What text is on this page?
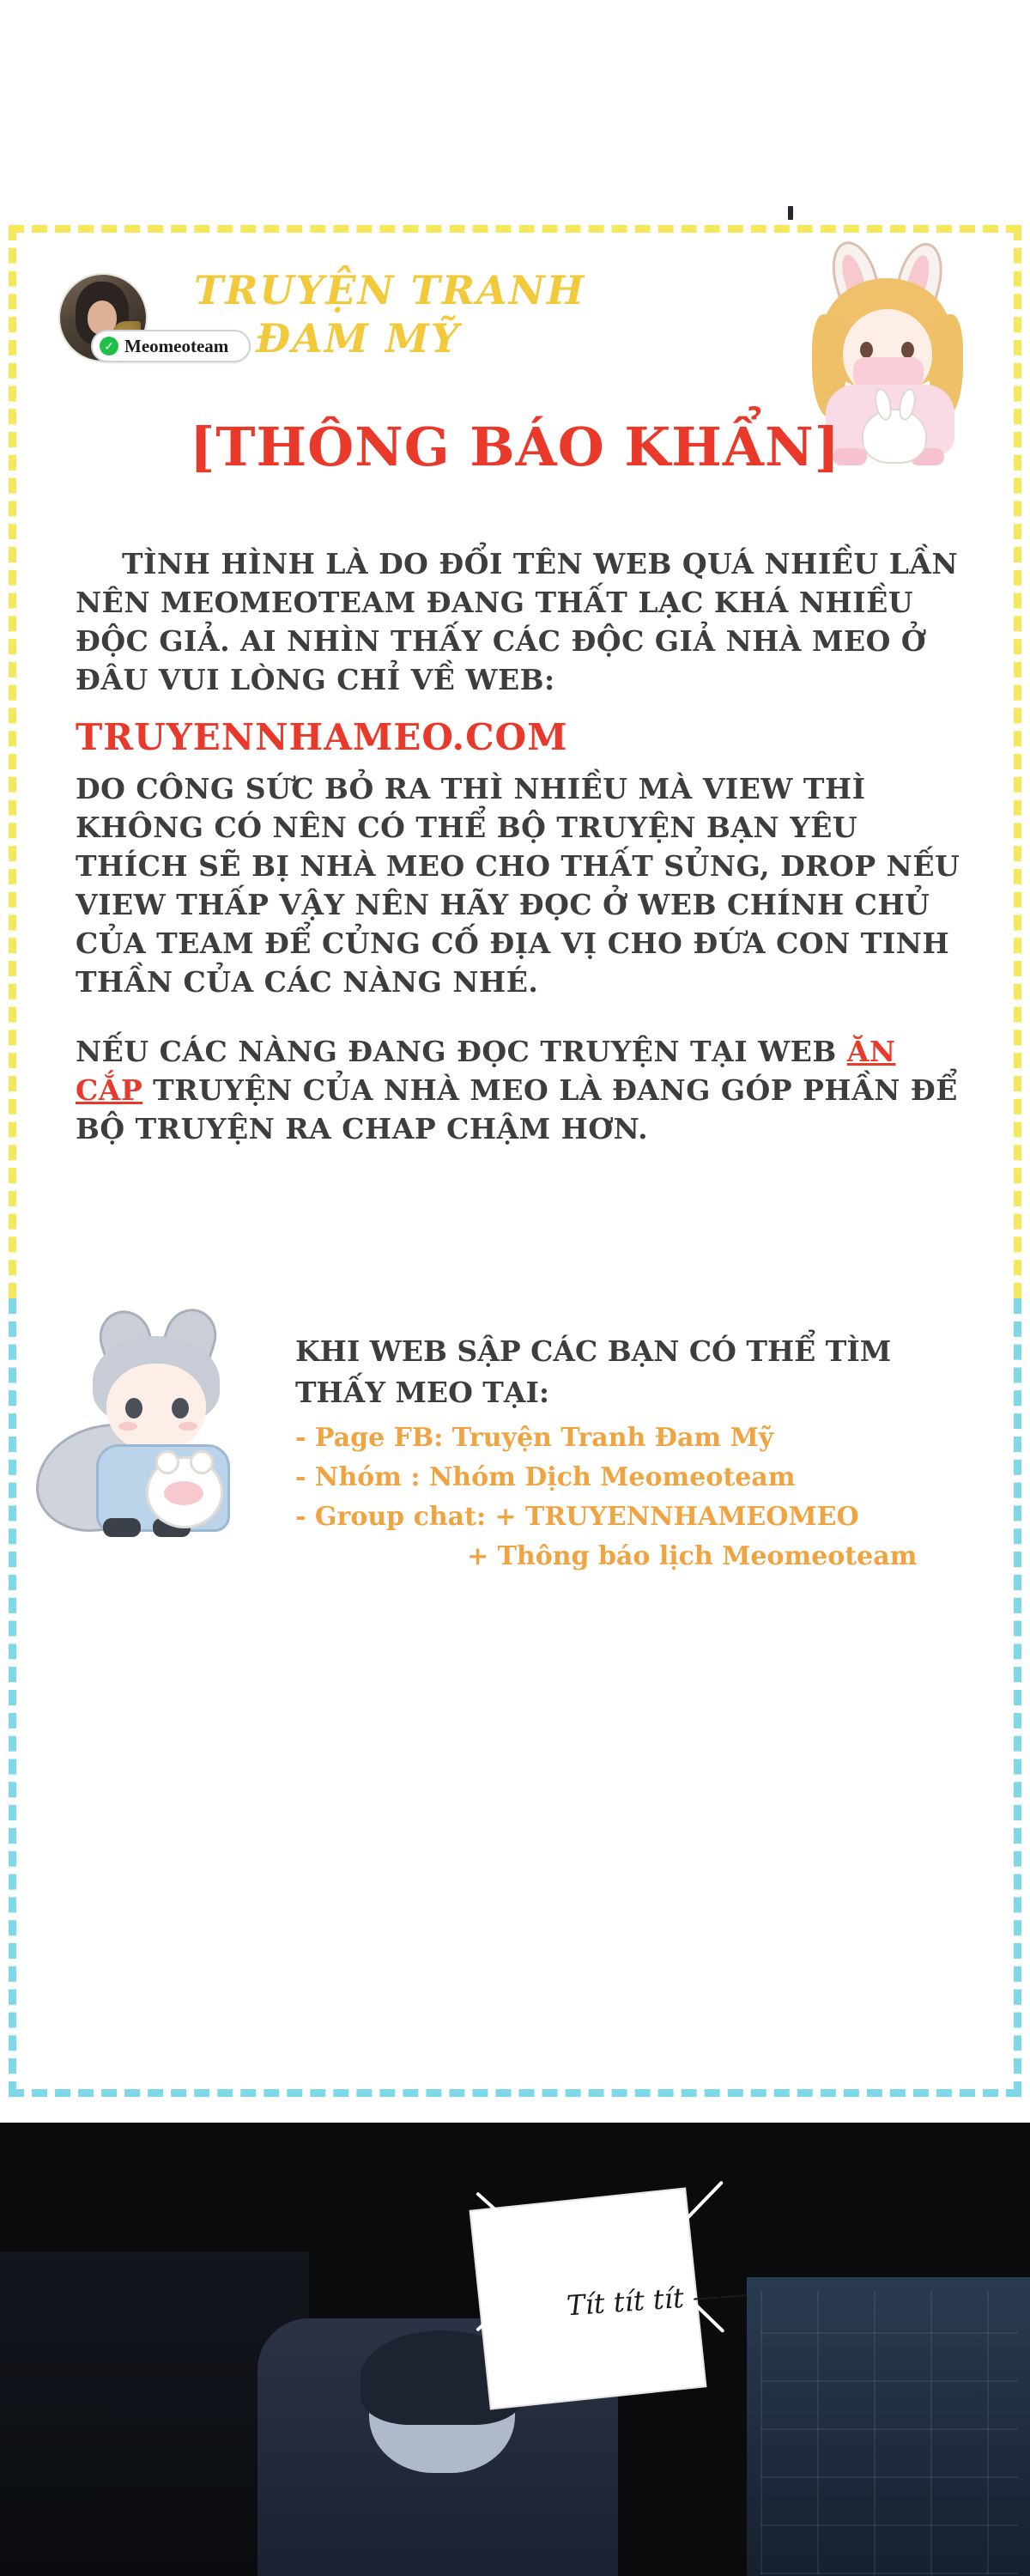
✓ Meomeoteam
TRUYỆN TRANH
ĐAM MỸ
[THÔNG BÁO KHẨN]
TÌNH HÌNH LÀ DO ĐỔI TÊN WEB QUÁ NHIỀU LẦN NÊN MEOMEOTEAM ĐANG THẤT LẠC KHÁ NHIỀU ĐỘC GIẢ. AI NHÌN THẤY CÁC ĐỘC GIẢ NHÀ MEO Ở ĐÂU VUI LÒNG CHỈ VỀ WEB:
TRUYENNHAMEO.COM
DO CÔNG SỨC BỎ RA THÌ NHIỀU MÀ VIEW THÌ KHÔNG CÓ NÊN CÓ THỂ BỘ TRUYỆN BẠN YÊU THÍCH SẼ BỊ NHÀ MEO CHO THẤT SỦNG, DROP NẾU VIEW THẤP VẬY NÊN HÃY ĐỌC Ở WEB CHÍNH CHỦ CỦA TEAM ĐỂ CỦNG CỐ ĐỊA VỊ CHO ĐỨA CON TINH THẦN CỦA CÁC NÀNG NHÉ.
NẾU CÁC NÀNG ĐANG ĐỌC TRUYỆN TẠI WEB ĂN CẮP TRUYỆN CỦA NHÀ MEO LÀ ĐANG GÓP PHẦN ĐỂ BỘ TRUYỆN RA CHAP CHẬM HƠN.
KHI WEB SẬP CÁC BẠN CÓ THỂ TÌM THẤY MEO TẠI:
- Page FB: Truyện Tranh Đam Mỹ
- Nhóm : Nhóm Dịch Meomeoteam
- Group chat: + TRUYENNHAMEOMEO
+ Thông báo lịch Meomeoteam
Tít tít tít ——
